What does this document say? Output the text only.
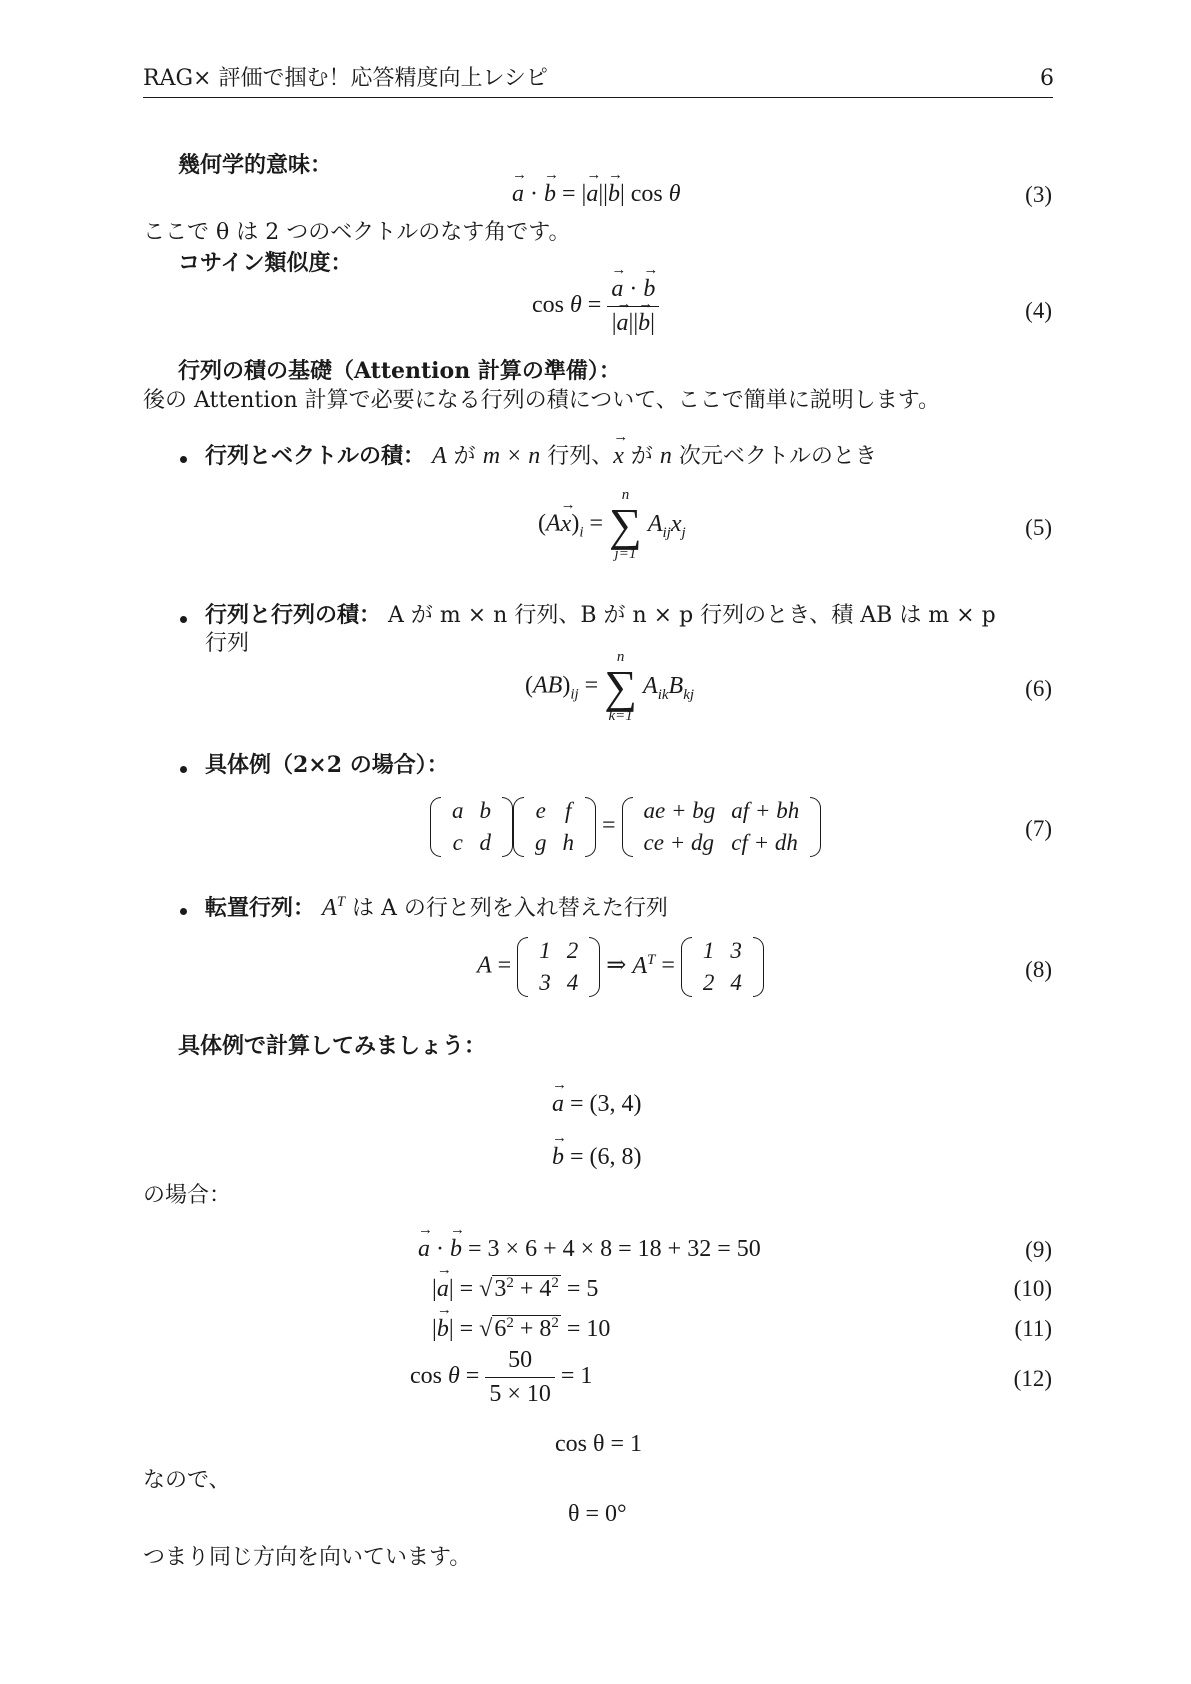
RAG× 評価で掴む！応答精度向上レシピ	6
幾何学的意味：
a → · b → = |a →||b →| cos θ	(3)
ここで θ は 2 つのベクトルのなす角です。
コサイン類似度：
$\cos \theta = \frac{a \to \cdot b \to}{|a \to||b \to|}$	(4)
行列の積の基礎（Attention 計算の準備）：
後の Attention 計算で必要になる行列の積について、ここで簡単に説明します。
行列とベクトルの積： A が m × n 行列、x → が n 次元ベクトルのとき
$(Ax \to)_i$ =
n
∑
j=1
$A_{ij}x_j$	(5)
行列と行列の積： A が m × n 行列、B が n × p 行列のとき、積 AB は m × p
行列
$(AB)_{ij}$ =
n
∑
k=1
$A_{ik}B_{kj}$	(6)
具体例（2×2 の場合）：
a	b
c	d
e	f
g	h
=
ae + bg	af + bh
ce + dg	cf + dh
(7)
転置行列： $A^T$ は A の行と列を入れ替えた行列
A =
1	2
3	4
⇒ $A^T$ =
1	3
2	4
(8)
具体例で計算してみましょう：
a → = (3, 4)
b → = (6, 8)
の場合：
a → · b → = 3 × 6 + 4 × 8 = 18 + 32 = 50	(9)
|a →| = $√3^2 + 4^2 = 5$	(10)
|b →| = $√6^2 + 8^2 = 10$	(11)
$\cos \theta = \frac{50}{5 \times 10} = 1$	(12)
cos θ = 1
なので、
θ = 0°
つまり同じ方向を向いています。
